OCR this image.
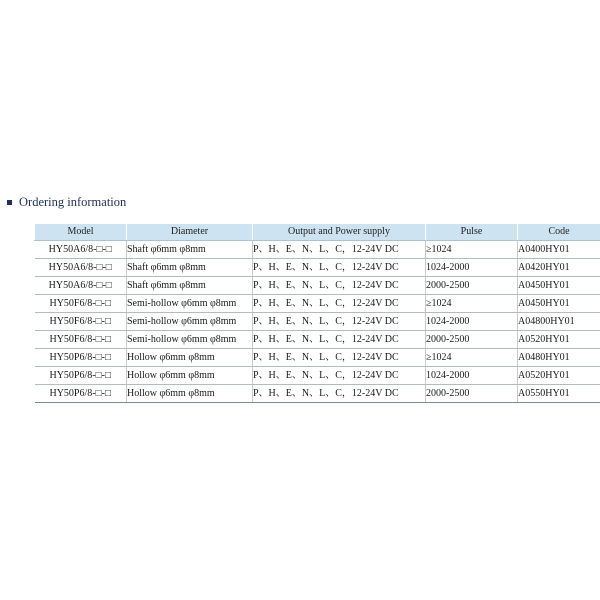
Ordering information
Model	Diameter	Output and Power supply	Pulse	Code
HY50A6/8-□-□	Shaft φ6mm φ8mm	P、H、E、N、L、C，12-24V DC	≥1024	A0400HY01
HY50A6/8-□-□	Shaft φ6mm φ8mm	P、H、E、N、L、C，12-24V DC	1024-2000	A0420HY01
HY50A6/8-□-□	Shaft φ6mm φ8mm	P、H、E、N、L、C，12-24V DC	2000-2500	A0450HY01
HY50F6/8-□-□	Semi-hollow φ6mm φ8mm	P、H、E、N、L、C，12-24V DC	≥1024	A0450HY01
HY50F6/8-□-□	Semi-hollow φ6mm φ8mm	P、H、E、N、L、C，12-24V DC	1024-2000	A04800HY01
HY50F6/8-□-□	Semi-hollow φ6mm φ8mm	P、H、E、N、L、C，12-24V DC	2000-2500	A0520HY01
HY50P6/8-□-□	Hollow φ6mm φ8mm	P、H、E、N、L、C，12-24V DC	≥1024	A0480HY01
HY50P6/8-□-□	Hollow φ6mm φ8mm	P、H、E、N、L、C，12-24V DC	1024-2000	A0520HY01
HY50P6/8-□-□	Hollow φ6mm φ8mm	P、H、E、N、L、C，12-24V DC	2000-2500	A0550HY01
